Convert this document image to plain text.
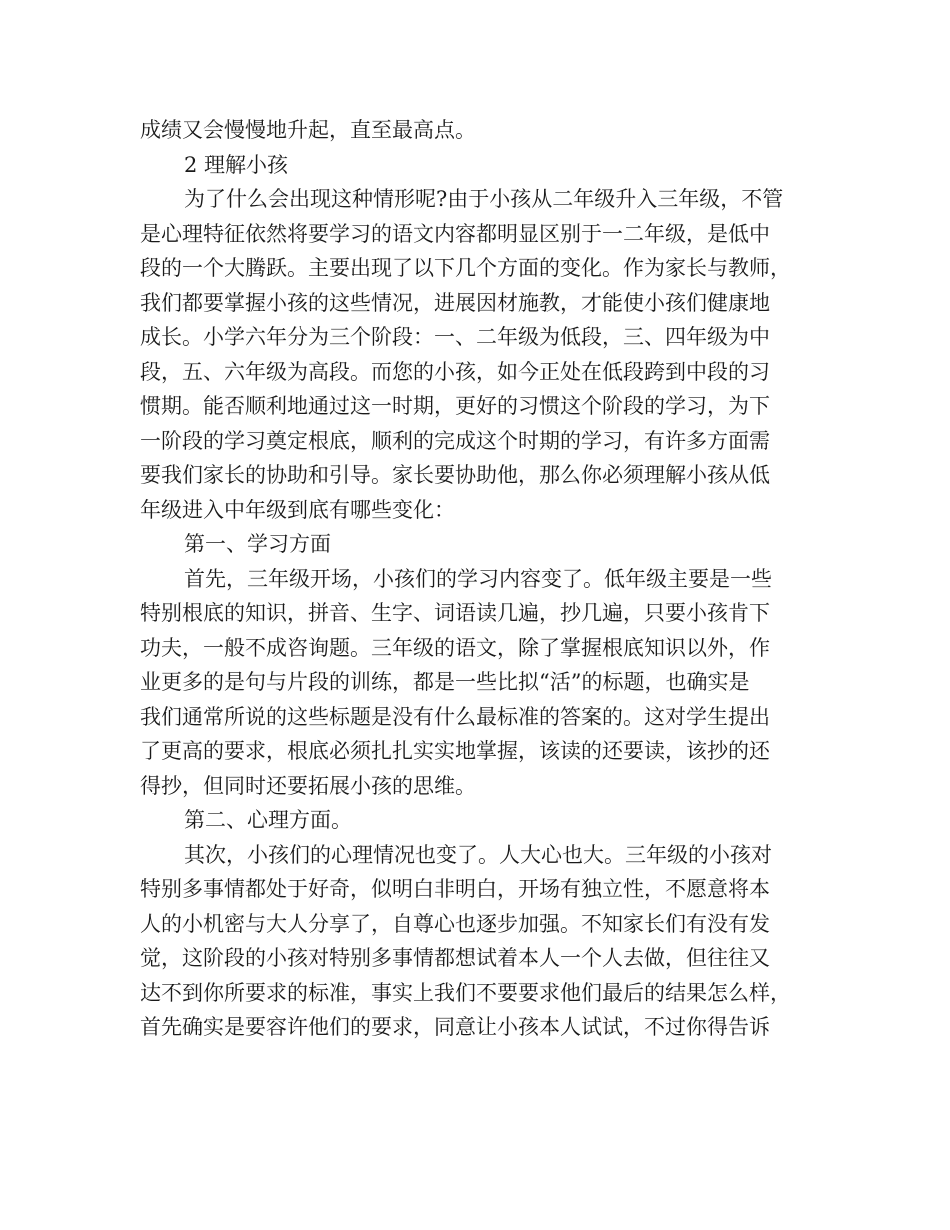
成绩又会慢慢地升起，直至最高点。
2 理解小孩
为了什么会出现这种情形呢?由于小孩从二年级升入三年级，不管
是心理特征依然将要学习的语文内容都明显区别于一二年级，是低中
段的一个大腾跃。主要出现了以下几个方面的变化。作为家长与教师，
我们都要掌握小孩的这些情况，进展因材施教，才能使小孩们健康地
成长。小学六年分为三个阶段：一、二年级为低段，三、四年级为中
段，五、六年级为高段。而您的小孩，如今正处在低段跨到中段的习
惯期。能否顺利地通过这一时期，更好的习惯这个阶段的学习，为下
一阶段的学习奠定根底，顺利的完成这个时期的学习，有许多方面需
要我们家长的协助和引导。家长要协助他，那么你必须理解小孩从低
年级进入中年级到底有哪些变化：
第一、学习方面
首先，三年级开场，小孩们的学习内容变了。低年级主要是一些
特别根底的知识，拼音、生字、词语读几遍，抄几遍，只要小孩肯下
功夫，一般不成咨询题。三年级的语文，除了掌握根底知识以外，作
业更多的是句与片段的训练，都是一些比拟“活”的标题，也确实是
我们通常所说的这些标题是没有什么最标准的答案的。这对学生提出
了更高的要求，根底必须扎扎实实地掌握，该读的还要读，该抄的还
得抄，但同时还要拓展小孩的思维。
第二、心理方面。
其次，小孩们的心理情况也变了。人大心也大。三年级的小孩对
特别多事情都处于好奇，似明白非明白，开场有独立性，不愿意将本
人的小机密与大人分享了，自尊心也逐步加强。不知家长们有没有发
觉，这阶段的小孩对特别多事情都想试着本人一个人去做，但往往又
达不到你所要求的标准，事实上我们不要要求他们最后的结果怎么样，
首先确实是要容许他们的要求，同意让小孩本人试试，不过你得告诉
